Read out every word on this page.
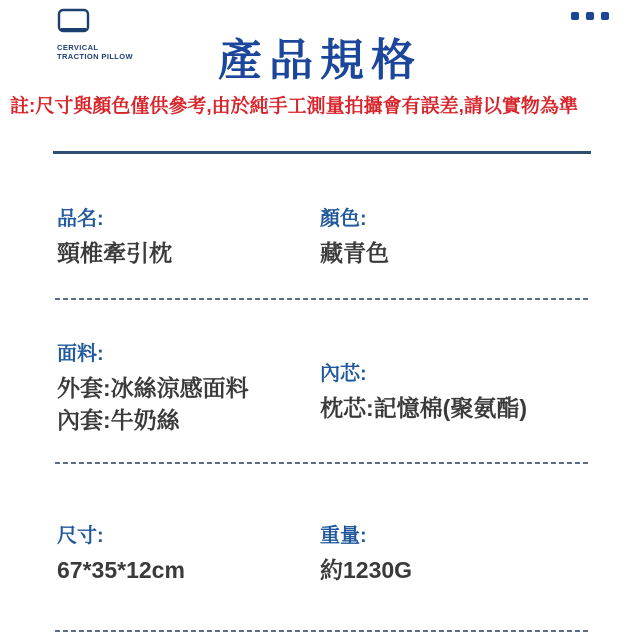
CERVICAL
TRACTION PILLOW 產品規格
註:尺寸與顏色僅供參考,由於純手工測量拍攝會有誤差,請以實物為準
品名:
頸椎牽引枕
顏色:
藏青色
面料:
外套:冰絲涼感面料
內套:牛奶絲
內芯:
枕芯:記憶棉(聚氨酯)
尺寸:
67*35*12cm
重量:
約1230G
